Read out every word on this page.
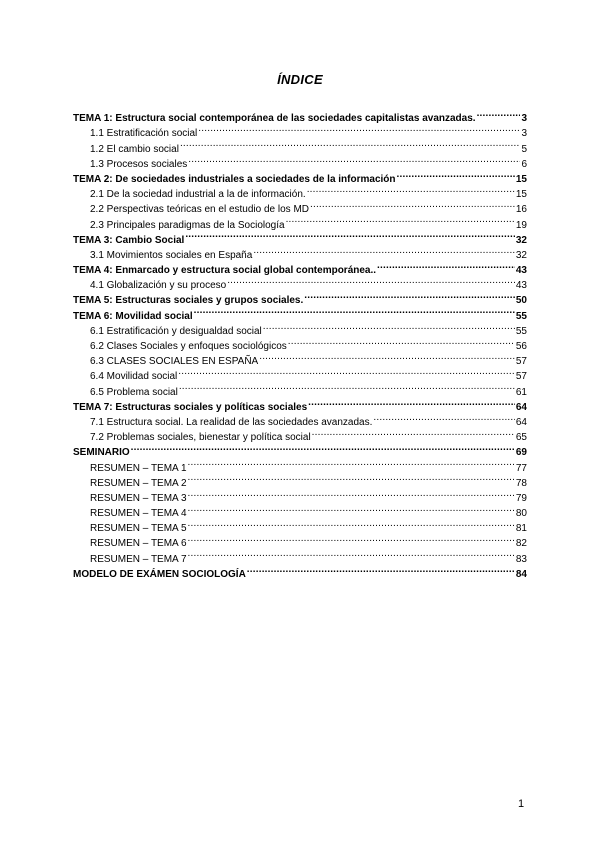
ÍNDICE
TEMA 1: Estructura social contemporánea de las sociedades capitalistas avanzadas. .....	3
1.1 Estratificación social .....	3
1.2 El cambio social .....	5
1.3 Procesos sociales .....	6
TEMA 2: De sociedades industriales a sociedades de la información .....	15
2.1 De la sociedad industrial a la de información. .....	15
2.2 Perspectivas teóricas en el estudio de los MD .....	16
2.3 Principales paradigmas de la Sociología .....	19
TEMA 3: Cambio Social .....	32
3.1 Movimientos sociales en España .....	32
TEMA 4: Enmarcado y estructura social global contemporánea.. .....	43
4.1 Globalización y su proceso .....	43
TEMA 5: Estructuras sociales y grupos sociales. .....	50
TEMA 6: Movilidad social .....	55
6.1 Estratificación y desigualdad social .....	55
6.2 Clases Sociales y enfoques sociológicos .....	56
6.3 CLASES SOCIALES EN ESPAÑA .....	57
6.4 Movilidad social .....	57
6.5 Problema social .....	61
TEMA 7: Estructuras sociales y políticas sociales .....	64
7.1 Estructura social. La realidad de las sociedades avanzadas. .....	64
7.2 Problemas sociales, bienestar y política social .....	65
SEMINARIO .....	69
RESUMEN – TEMA 1 .....	77
RESUMEN – TEMA 2 .....	78
RESUMEN – TEMA 3 .....	79
RESUMEN – TEMA 4 .....	80
RESUMEN – TEMA 5 .....	81
RESUMEN – TEMA 6 .....	82
RESUMEN – TEMA 7 .....	83
MODELO DE EXÁMEN SOCIOLOGÍA .....	84
1
